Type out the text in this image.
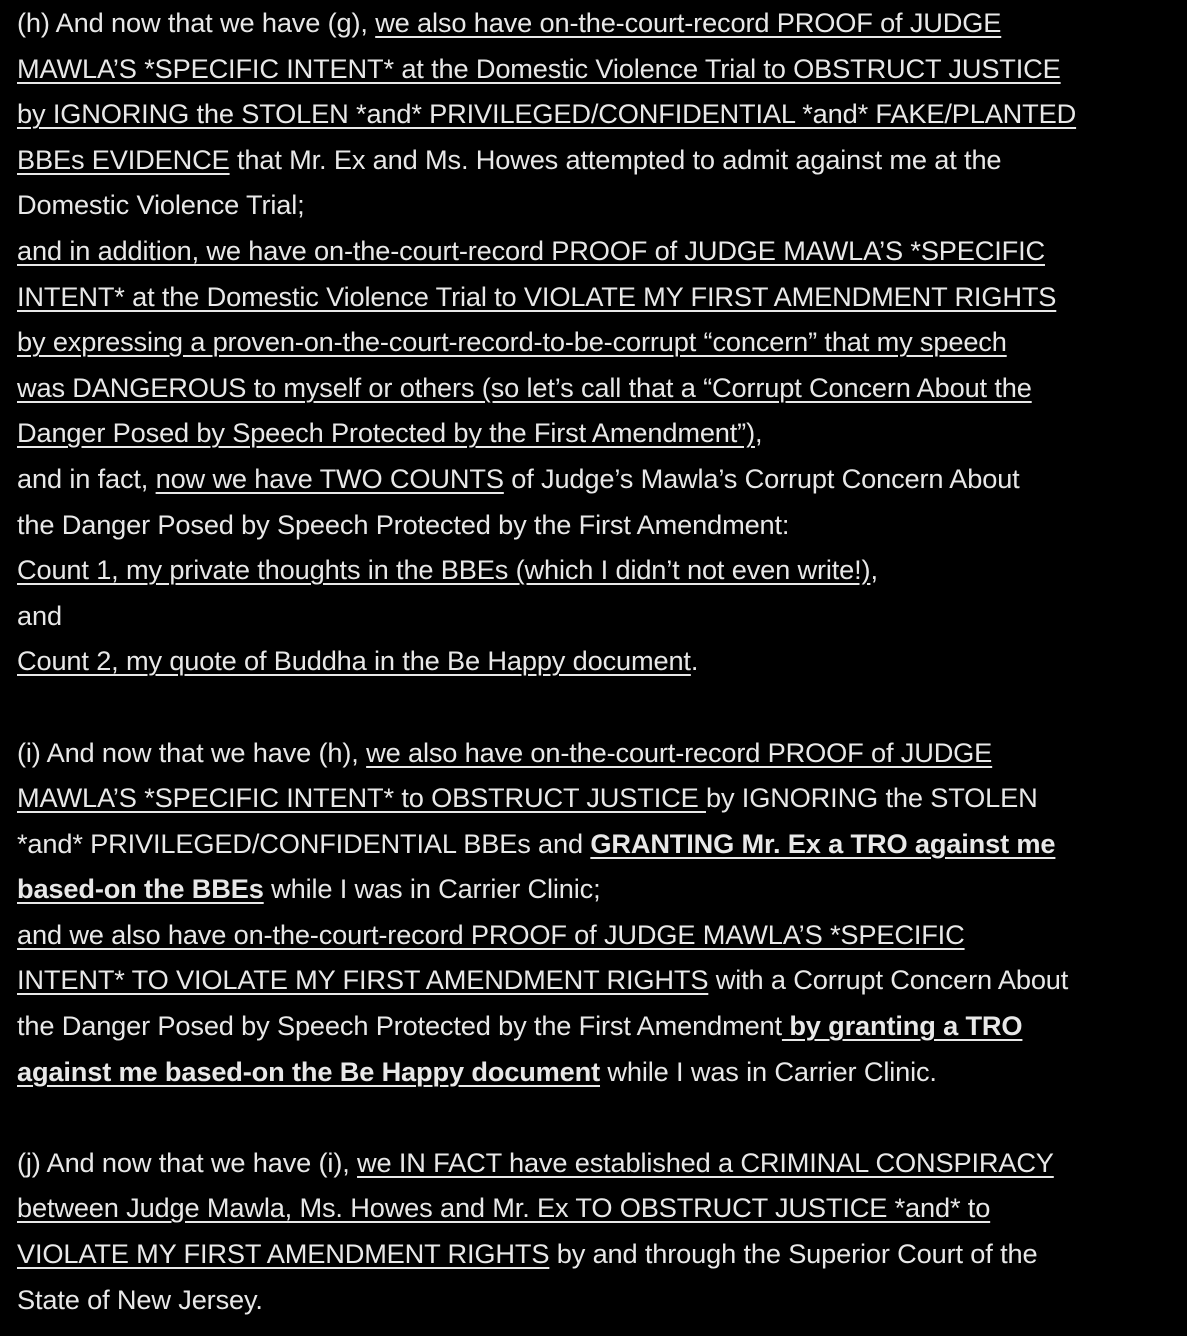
(h) And now that we have (g), we also have on-the-court-record PROOF of JUDGE
MAWLA’S *SPECIFIC INTENT* at the Domestic Violence Trial to OBSTRUCT JUSTICE
by IGNORING the STOLEN *and* PRIVILEGED/CONFIDENTIAL *and* FAKE/PLANTED
BBEs EVIDENCE that Mr. Ex and Ms. Howes attempted to admit against me at the
Domestic Violence Trial;
and in addition, we have on-the-court-record PROOF of JUDGE MAWLA’S *SPECIFIC
INTENT* at the Domestic Violence Trial to VIOLATE MY FIRST AMENDMENT RIGHTS
by expressing a proven-on-the-court-record-to-be-corrupt “concern” that my speech
was DANGEROUS to myself or others (so let’s call that a “Corrupt Concern About the
Danger Posed by Speech Protected by the First Amendment”),
and in fact, now we have TWO COUNTS of Judge’s Mawla’s Corrupt Concern About
the Danger Posed by Speech Protected by the First Amendment:
Count 1, my private thoughts in the BBEs (which I didn’t not even write!),
and
Count 2, my quote of Buddha in the Be Happy document.
(i) And now that we have (h), we also have on-the-court-record PROOF of JUDGE
MAWLA’S *SPECIFIC INTENT* to OBSTRUCT JUSTICE by IGNORING the STOLEN
*and* PRIVILEGED/CONFIDENTIAL BBEs and GRANTING Mr. Ex a TRO against me
based-on the BBEs while I was in Carrier Clinic;
and we also have on-the-court-record PROOF of JUDGE MAWLA’S *SPECIFIC
INTENT* TO VIOLATE MY FIRST AMENDMENT RIGHTS with a Corrupt Concern About
the Danger Posed by Speech Protected by the First Amendment by granting a TRO
against me based-on the Be Happy document while I was in Carrier Clinic.
(j) And now that we have (i), we IN FACT have established a CRIMINAL CONSPIRACY
between Judge Mawla, Ms. Howes and Mr. Ex TO OBSTRUCT JUSTICE *and* to
VIOLATE MY FIRST AMENDMENT RIGHTS by and through the Superior Court of the
State of New Jersey.
